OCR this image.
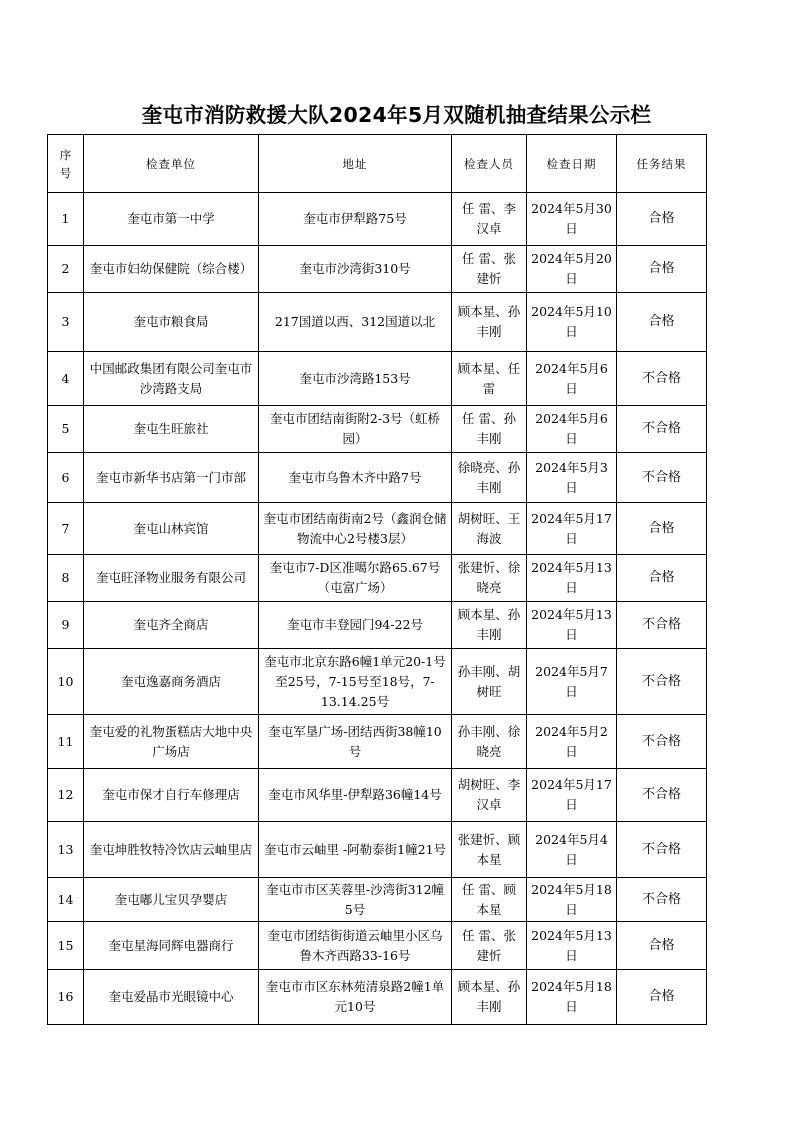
奎屯市消防救援大队2024年5月双随机抽查结果公示栏
序号	检查单位	地址	检查人员	检查日期	任务结果
1	奎屯市第一中学	奎屯市伊犁路75号	任 雷、李汉卓	2024年5月30日	合格
2	奎屯市妇幼保健院（综合楼）	奎屯市沙湾街310号	任 雷、张建忻	2024年5月20日	合格
3	奎屯市粮食局	217国道以西、312国道以北	顾本星、孙丰刚	2024年5月10日	合格
4	中国邮政集团有限公司奎屯市沙湾路支局	奎屯市沙湾路153号	顾本星、任 雷	2024年5月6日	不合格
5	奎屯生旺旅社	奎屯市团结南街附2-3号（虹桥园）	任 雷、孙丰刚	2024年5月6日	不合格
6	奎屯市新华书店第一门市部	奎屯市乌鲁木齐中路7号	徐晓亮、孙丰刚	2024年5月3日	不合格
7	奎屯山林宾馆	奎屯市团结南街南2号（鑫润仓储物流中心2号楼3层）	胡树旺、王海波	2024年5月17日	合格
8	奎屯旺泽物业服务有限公司	奎屯市7-D区准噶尔路65.67号（屯富广场）	张建忻、徐晓亮	2024年5月13日	合格
9	奎屯齐全商店	奎屯市丰登园门94-22号	顾本星、孙丰刚	2024年5月13日	不合格
10	奎屯逸嘉商务酒店	奎屯市北京东路6幢1单元20-1号至25号，7-15号至18号，7-13.14.25号	孙丰刚、胡树旺	2024年5月7日	不合格
11	奎屯爱的礼物蛋糕店大地中央广场店	奎屯军垦广场-团结西街38幢10号	孙丰刚、徐晓亮	2024年5月2日	不合格
12	奎屯市保才自行车修理店	奎屯市风华里-伊犁路36幢14号	胡树旺、李汉卓	2024年5月17日	不合格
13	奎屯坤胜牧特冷饮店云岫里店	奎屯市云岫里 -阿勒泰街1幢21号	张建忻、顾本星	2024年5月4日	不合格
14	奎屯嘟儿宝贝孕婴店	奎屯市市区芙蓉里-沙湾街312幢5号	任 雷、顾本星	2024年5月18日	不合格
15	奎屯星海同辉电器商行	奎屯市团结街街道云岫里小区乌鲁木齐西路33-16号	任 雷、张建忻	2024年5月13日	合格
16	奎屯爱晶市光眼镜中心	奎屯市市区东林苑清泉路2幢1单元10号	顾本星、孙丰刚	2024年5月18日	合格
